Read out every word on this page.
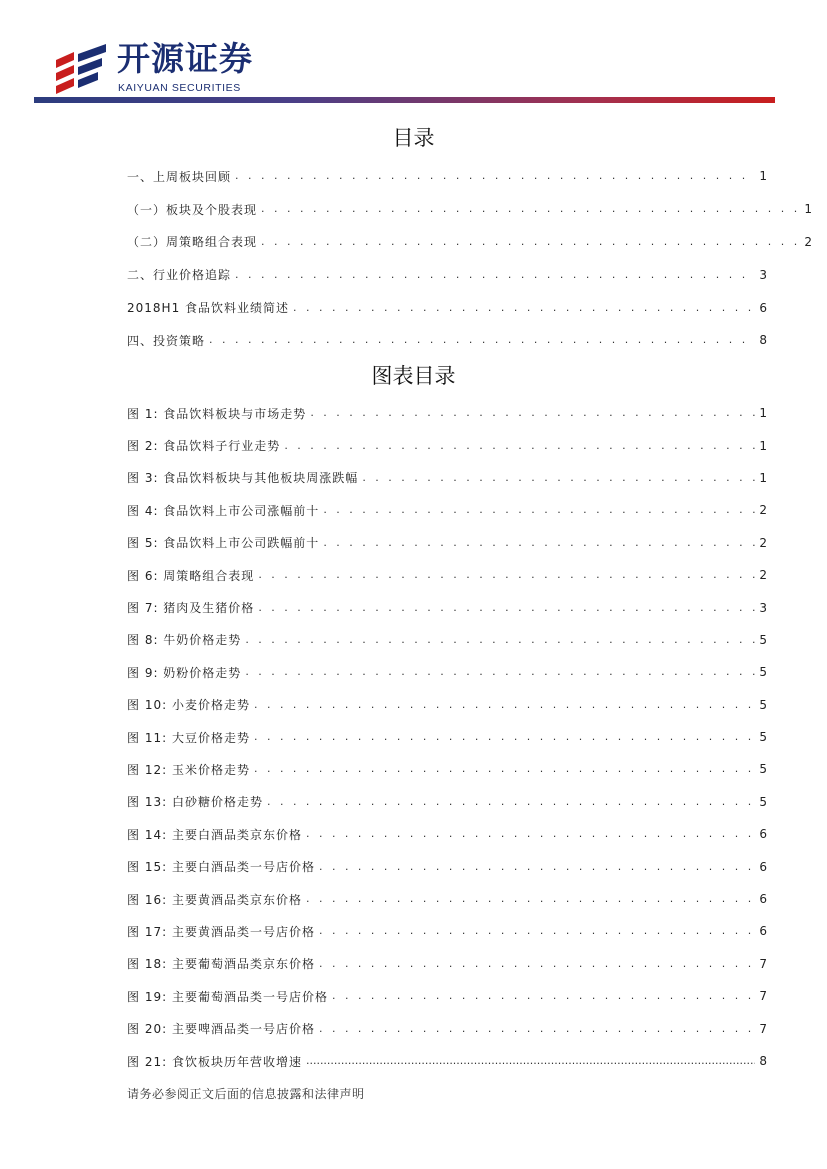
开源证券
KAIYUAN SECURITIES
目录
一、上周板块回顾 . . .	1
（一）板块及个股表现 . . .	1
（二）周策略组合表现 . . .	2
二、行业价格追踪 . . .	3
2018H1 食品饮料业绩简述 . . .	6
四、投资策略 . . .	8
图表目录
图 1: 食品饮料板块与市场走势 . . .	1
图 2: 食品饮料子行业走势 . . .	1
图 3: 食品饮料板块与其他板块周涨跌幅 . . .	1
图 4: 食品饮料上市公司涨幅前十 . . .	2
图 5: 食品饮料上市公司跌幅前十 . . .	2
图 6: 周策略组合表现 . . .	2
图 7: 猪肉及生猪价格 . . .	3
图 8: 牛奶价格走势 . . .	5
图 9: 奶粉价格走势 . . .	5
图 10: 小麦价格走势 . . .	5
图 11: 大豆价格走势 . . .	5
图 12: 玉米价格走势 . . .	5
图 13: 白砂糖价格走势 . . .	5
图 14: 主要白酒品类京东价格 . . .	6
图 15: 主要白酒品类一号店价格 . . .	6
图 16: 主要黄酒品类京东价格 . . .	6
图 17: 主要黄酒品类一号店价格 . . .	6
图 18: 主要葡萄酒品类京东价格 . . .	7
图 19: 主要葡萄酒品类一号店价格 . . .	7
图 20: 主要啤酒品类一号店价格 . . .	7
图 21: 食饮板块历年营收增速 .....	8
请务必参阅正文后面的信息披露和法律声明
